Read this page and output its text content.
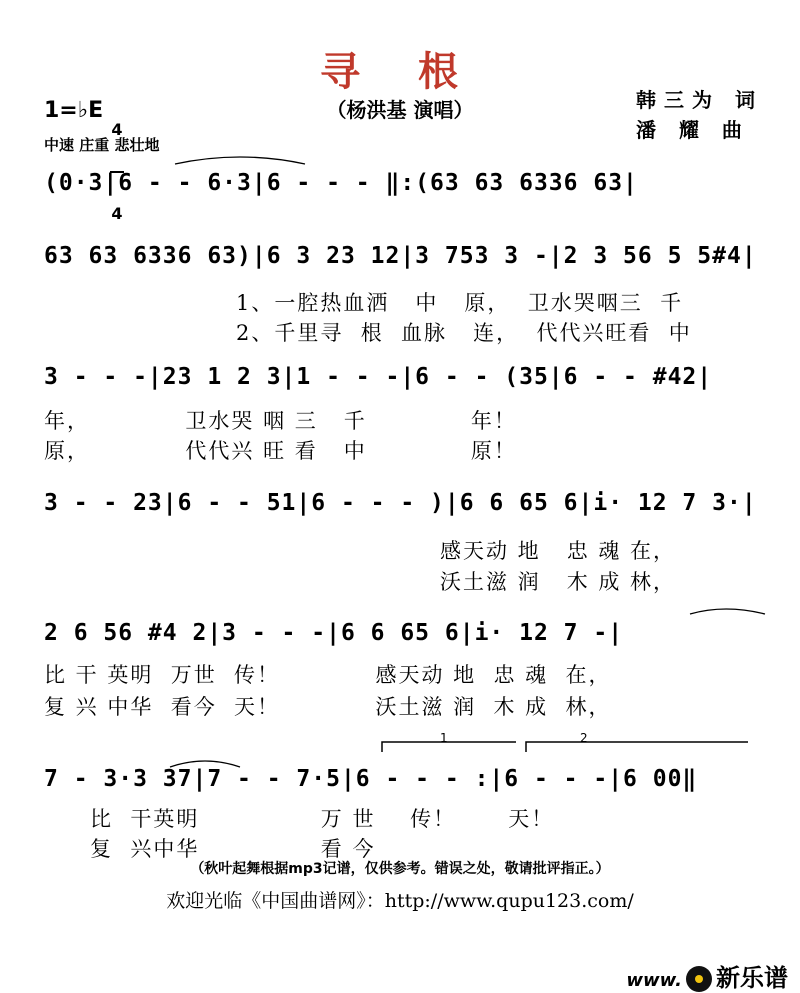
寻 根
（杨洪基 演唱）	韩三为 词
潘 耀 曲
1=♭E

4

4

中速 庄重 悲壮地
(0·3|6 - - 6·3|6 - - - ‖:(63 63 6336 63|
63 63 6336 63)|6 3 23 12|3 753 3 -|2 3 56 5 5#4|
1、一腔热血洒   中   原，  卫水哭咽三  千
2、千里寻  根  血脉   连，  代代兴旺看  中
3 - - -|23 1 2 3|1 - - -|6 - - (35|6 - - #42|
年，           卫水哭 咽 三   千            年！
原，           代代兴 旺 看   中            原！
3 - - 23|6 - - 51|6 - - - )|6 6 65 6|i· 12 7 3·|
感天动 地   忠 魂 在，
沃土滋 润   木 成 林，
2 6 56 #4 2|3 - - -|6 6 65 6|i· 12 7 -|
比 干 英明  万世  传！           感天动 地  忠 魂  在，
复 兴 中华  看今  天！           沃土滋 润  木 成  林，
1	2
7 - 3·3 37|7 - - 7·5|6 - - - :|6 - - -|6 00‖
比  干英明              万 世    传！      天！
复  兴中华              看 今
（秋叶起舞根据mp3记谱，仅供参考。错误之处，敬请批评指正。）
欢迎光临《中国曲谱网》：http://www.qupu123.com/

www. 新乐谱
